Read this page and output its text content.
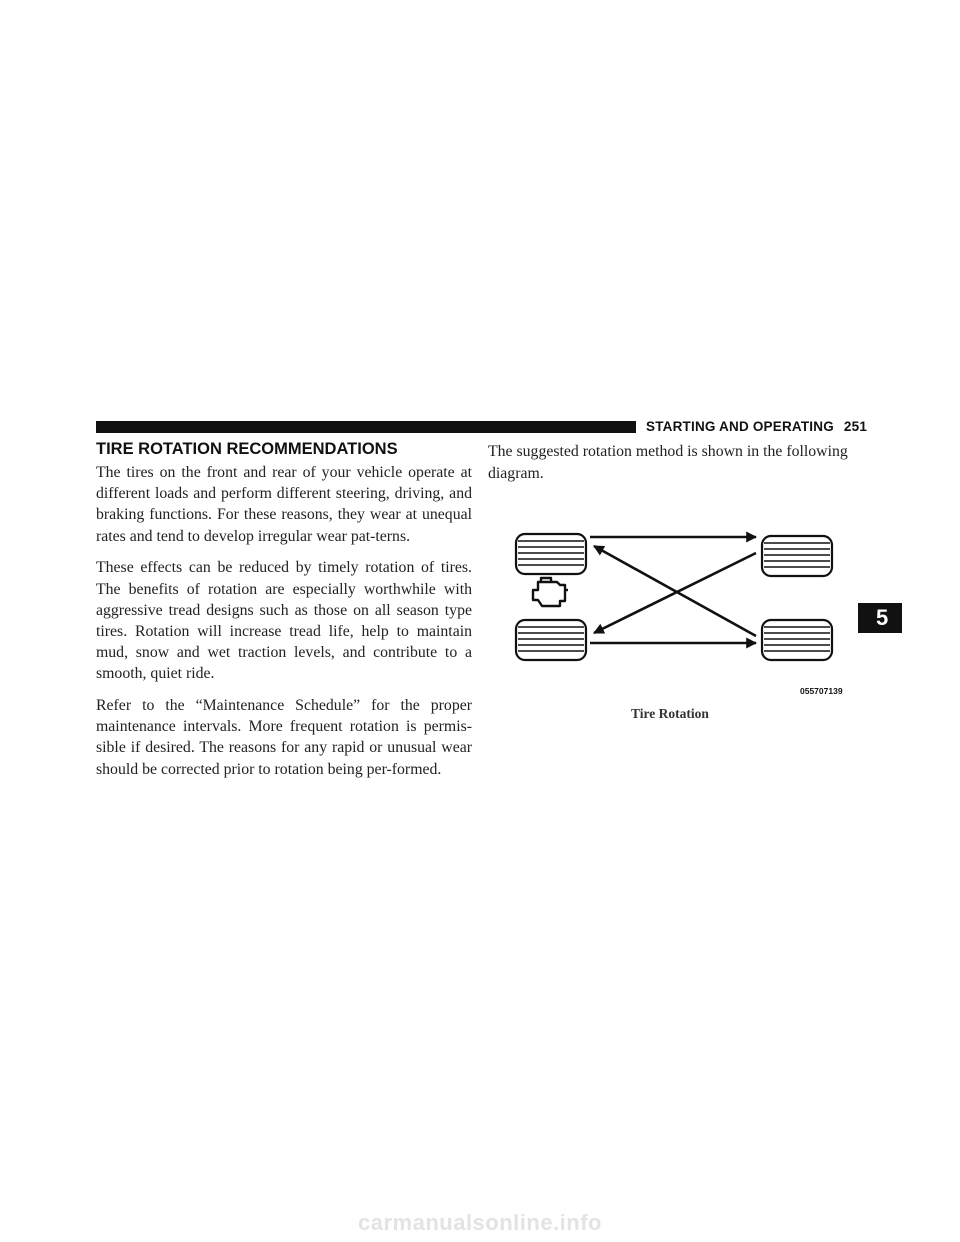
STARTING AND OPERATING 251
TIRE ROTATION RECOMMENDATIONS

The tires on the front and rear of your vehicle operate at different loads and perform different steering, driving, and braking functions. For these reasons, they wear at unequal rates and tend to develop irregular wear pat-terns.

These effects can be reduced by timely rotation of tires. The benefits of rotation are especially worthwhile with aggressive tread designs such as those on all season type tires. Rotation will increase tread life, help to maintain mud, snow and wet traction levels, and contribute to a smooth, quiet ride.

Refer to the “Maintenance Schedule” for the proper maintenance intervals. More frequent rotation is permis-sible if desired. The reasons for any rapid or unusual wear should be corrected prior to rotation being per-formed.

The suggested rotation method is shown in the following diagram.

055707139
Tire Rotation
5
carmanualsonline.info
